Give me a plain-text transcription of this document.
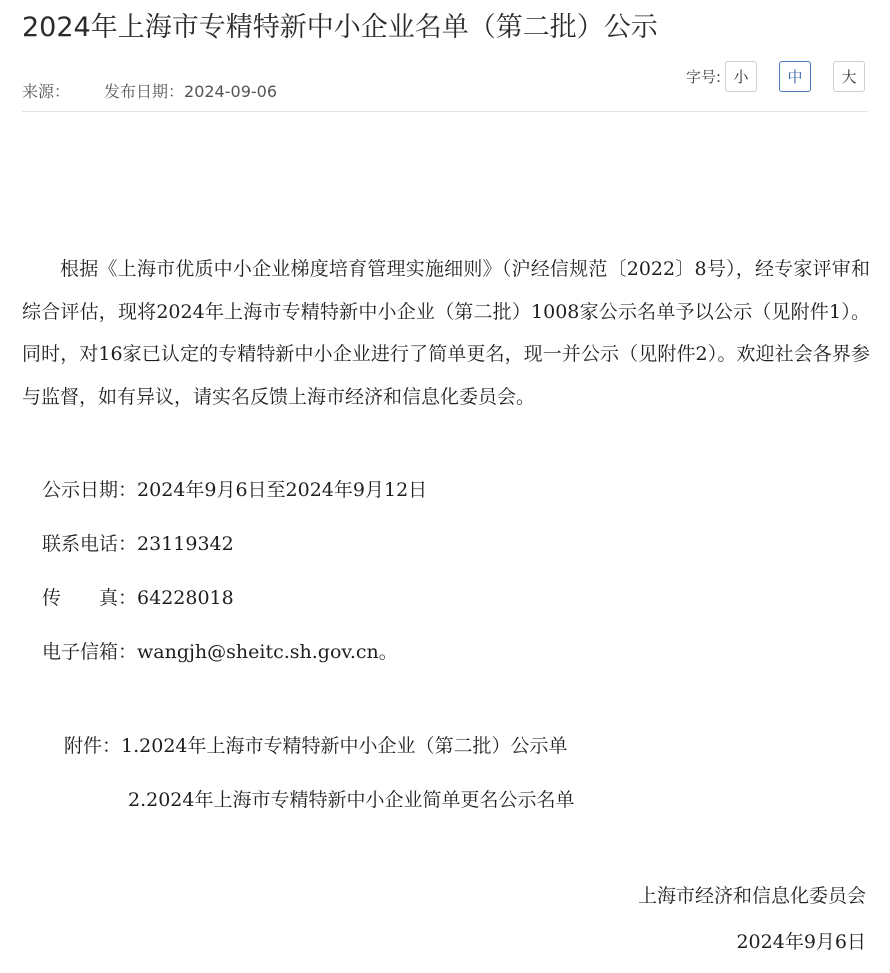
2024年上海市专精特新中小企业名单（第二批）公示
来源： 发布日期：2024-09-06
字号: 小	中	大

根据《上海市优质中小企业梯度培育管理实施细则》（沪经信规范〔2022〕8号），经专家评审和综合评估，现将2024年上海市专精特新中小企业（第二批）1008家公示名单予以公示（见附件1）。同时，对16家已认定的专精特新中小企业进行了简单更名，现一并公示（见附件2）。欢迎社会各界参与监督，如有异议，请实名反馈上海市经济和信息化委员会。

公示日期：2024年9月6日至2024年9月12日
联系电话：23119342
传　　真：64228018
电子信箱：wangjh@sheitc.sh.gov.cn。
附件：1.2024年上海市专精特新中小企业（第二批）公示单
2.2024年上海市专精特新中小企业简单更名公示名单
上海市经济和信息化委员会
2024年9月6日
